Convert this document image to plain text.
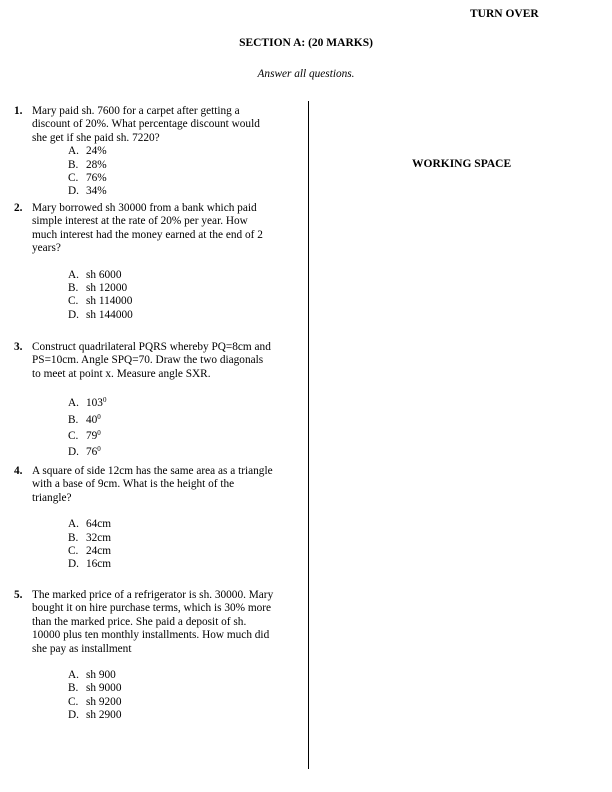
TURN OVER
SECTION A: (20 MARKS)
Answer all questions.
WORKING SPACE
1. Mary paid sh. 7600 for a carpet after getting a
discount of 20%. What percentage discount would
she get if she paid sh. 7220?
A. 24%
B. 28%
C. 76%
D. 34%
2. Mary borrowed sh 30000 from a bank which paid
simple interest at the rate of 20% per year. How
much interest had the money earned at the end of 2
years?
A. sh 6000
B. sh 12000
C. sh 114000
D. sh 144000
3. Construct quadrilateral PQRS whereby PQ=8cm and
PS=10cm. Angle SPQ=70. Draw the two diagonals
to meet at point x. Measure angle SXR.
A. $103^0$
B. $40^0$
C. $79^0$
D. $76^0$
4. A square of side 12cm has the same area as a triangle
with a base of 9cm. What is the height of the
triangle?
A. 64cm
B. 32cm
C. 24cm
D. 16cm
5. The marked price of a refrigerator is sh. 30000. Mary
bought it on hire purchase terms, which is 30% more
than the marked price. She paid a deposit of sh.
10000 plus ten monthly installments. How much did
she pay as installment
A. sh 900
B. sh 9000
C. sh 9200
D. sh 2900
